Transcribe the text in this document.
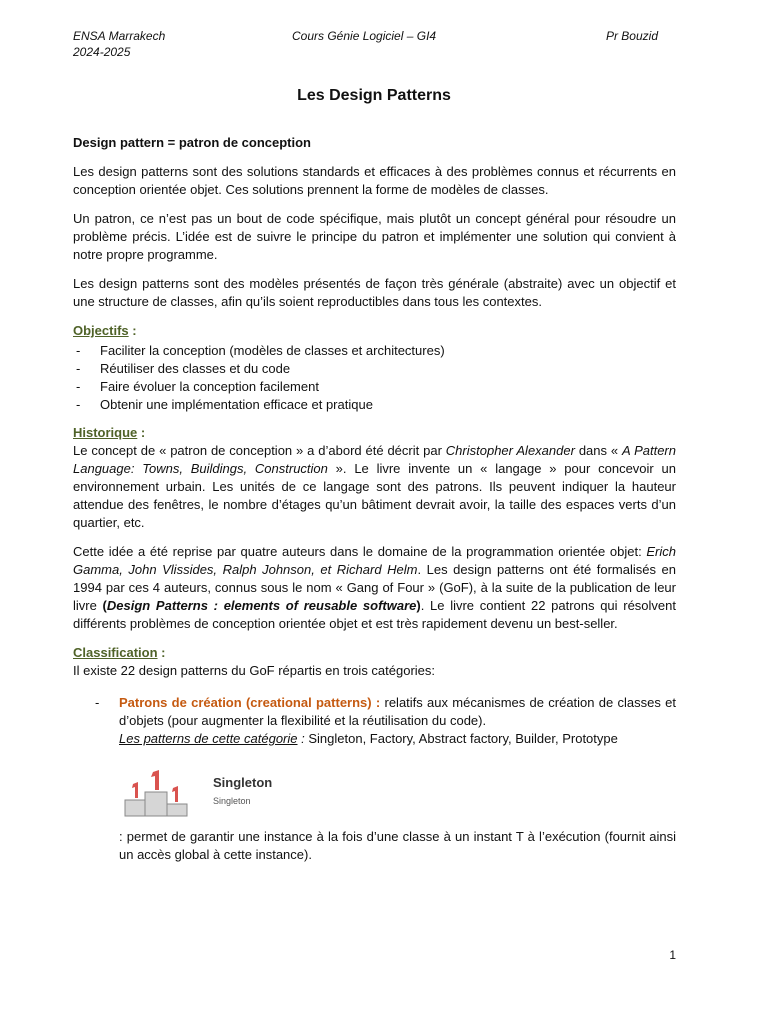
ENSA Marrakech
2024-2025
Cours Génie Logiciel – GI4	Pr Bouzid
Les Design Patterns

Design pattern = patron de conception

Les design patterns sont des solutions standards et efficaces à des problèmes connus et récurrents en conception orientée objet. Ces solutions prennent la forme de modèles de classes.

Un patron, ce n’est pas un bout de code spécifique, mais plutôt un concept général pour résoudre un problème précis. L’idée est de suivre le principe du patron et implémenter une solution qui convient à notre propre programme.

Les design patterns sont des modèles présentés de façon très générale (abstraite) avec un objectif et une structure de classes, afin qu’ils soient reproductibles dans tous les contextes.

Objectifs :

- Faciliter la conception (modèles de classes et architectures)
- Réutiliser des classes et du code
- Faire évoluer la conception facilement
- Obtenir une implémentation efficace et pratique

Historique :

Le concept de « patron de conception » a d’abord été décrit par Christopher Alexander dans « A Pattern Language: Towns, Buildings, Construction ». Le livre invente un « langage » pour concevoir un environnement urbain. Les unités de ce langage sont des patrons. Ils peuvent indiquer la hauteur attendue des fenêtres, le nombre d’étages qu’un bâtiment devrait avoir, la taille des espaces verts d’un quartier, etc.

Cette idée a été reprise par quatre auteurs dans le domaine de la programmation orientée objet: Erich Gamma, John Vlissides, Ralph Johnson, et Richard Helm. Les design patterns ont été formalisés en 1994 par ces 4 auteurs, connus sous le nom « Gang of Four » (GoF), à la suite de la publication de leur livre (Design Patterns : elements of reusable software). Le livre contient 22 patrons qui résolvent différents problèmes de conception orientée objet et est très rapidement devenu un best-seller.

Classification :

Il existe 22 design patterns du GoF répartis en trois catégories:

- Patrons de création (creational patterns) : relatifs aux mécanismes de création de classes et d’objets (pour augmenter la flexibilité et la réutilisation du code).
Les patterns de cette catégorie : Singleton, Factory, Abstract factory, Builder, Prototype
Singleton
Singleton

: permet de garantir une instance à la fois d’une classe à un instant T à l’exécution (fournit ainsi un accès global à cette instance).

1
